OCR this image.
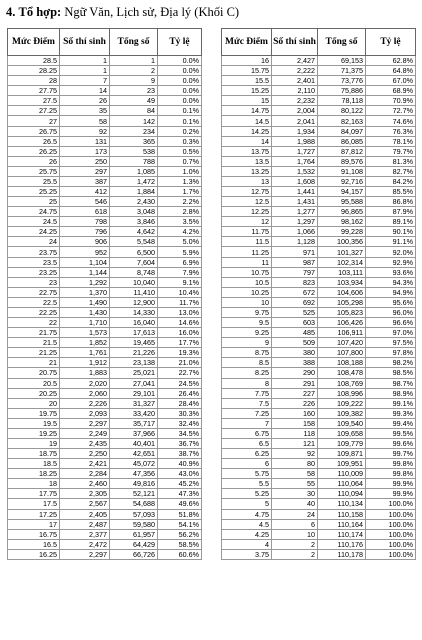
4. Tổ hợp: Ngữ Văn, Lịch sử, Địa lý (Khối C)
Mức Điểm	Số thí sinh	Tổng số	Tỷ lệ
28.5	1	1	0.0%
28.25	1	2	0.0%
28	7	9	0.0%
27.75	14	23	0.0%
27.5	26	49	0.0%
27.25	35	84	0.1%
27	58	142	0.1%
26.75	92	234	0.2%
26.5	131	365	0.3%
26.25	173	538	0.5%
26	250	788	0.7%
25.75	297	1,085	1.0%
25.5	387	1,472	1.3%
25.25	412	1,884	1.7%
25	546	2,430	2.2%
24.75	618	3,048	2.8%
24.5	798	3,846	3.5%
24.25	796	4,642	4.2%
24	906	5,548	5.0%
23.75	952	6,500	5.9%
23.5	1,104	7,604	6.9%
23.25	1,144	8,748	7.9%
23	1,292	10,040	9.1%
22.75	1,370	11,410	10.4%
22.5	1,490	12,900	11.7%
22.25	1,430	14,330	13.0%
22	1,710	16,040	14.6%
21.75	1,573	17,613	16.0%
21.5	1,852	19,465	17.7%
21.25	1,761	21,226	19.3%
21	1,912	23,138	21.0%
20.75	1,883	25,021	22.7%
20.5	2,020	27,041	24.5%
20.25	2,060	29,101	26.4%
20	2,226	31,327	28.4%
19.75	2,093	33,420	30.3%
19.5	2,297	35,717	32.4%
19.25	2,249	37,966	34.5%
19	2,435	40,401	36.7%
18.75	2,250	42,651	38.7%
18.5	2,421	45,072	40.9%
18.25	2,284	47,356	43.0%
18	2,460	49,816	45.2%
17.75	2,305	52,121	47.3%
17.5	2,567	54,688	49.6%
17.25	2,405	57,093	51.8%
17	2,487	59,580	54.1%
16.75	2,377	61,957	56.2%
16.5	2,472	64,429	58.5%
16.25	2,297	66,726	60.6%
Mức Điểm	Số thí sinh	Tổng số	Tỷ lệ
16	2,427	69,153	62.8%
15.75	2,222	71,375	64.8%
15.5	2,401	73,776	67.0%
15.25	2,110	75,886	68.9%
15	2,232	78,118	70.9%
14.75	2,004	80,122	72.7%
14.5	2,041	82,163	74.6%
14.25	1,934	84,097	76.3%
14	1,988	86,085	78.1%
13.75	1,727	87,812	79.7%
13.5	1,764	89,576	81.3%
13.25	1,532	91,108	82.7%
13	1,608	92,716	84.2%
12.75	1,441	94,157	85.5%
12.5	1,431	95,588	86.8%
12.25	1,277	96,865	87.9%
12	1,297	98,162	89.1%
11.75	1,066	99,228	90.1%
11.5	1,128	100,356	91.1%
11.25	971	101,327	92.0%
11	987	102,314	92.9%
10.75	797	103,111	93.6%
10.5	823	103,934	94.3%
10.25	672	104,606	94.9%
10	692	105,298	95.6%
9.75	525	105,823	96.0%
9.5	603	106,426	96.6%
9.25	485	106,911	97.0%
9	509	107,420	97.5%
8.75	380	107,800	97.8%
8.5	388	108,188	98.2%
8.25	290	108,478	98.5%
8	291	108,769	98.7%
7.75	227	108,996	98.9%
7.5	226	109,222	99.1%
7.25	160	109,382	99.3%
7	158	109,540	99.4%
6.75	118	109,658	99.5%
6.5	121	109,779	99.6%
6.25	92	109,871	99.7%
6	80	109,951	99.8%
5.75	58	110,009	99.8%
5.5	55	110,064	99.9%
5.25	30	110,094	99.9%
5	40	110,134	100.0%
4.75	24	110,158	100.0%
4.5	6	110,164	100.0%
4.25	10	110,174	100.0%
4	2	110,176	100.0%
3.75	2	110,178	100.0%
